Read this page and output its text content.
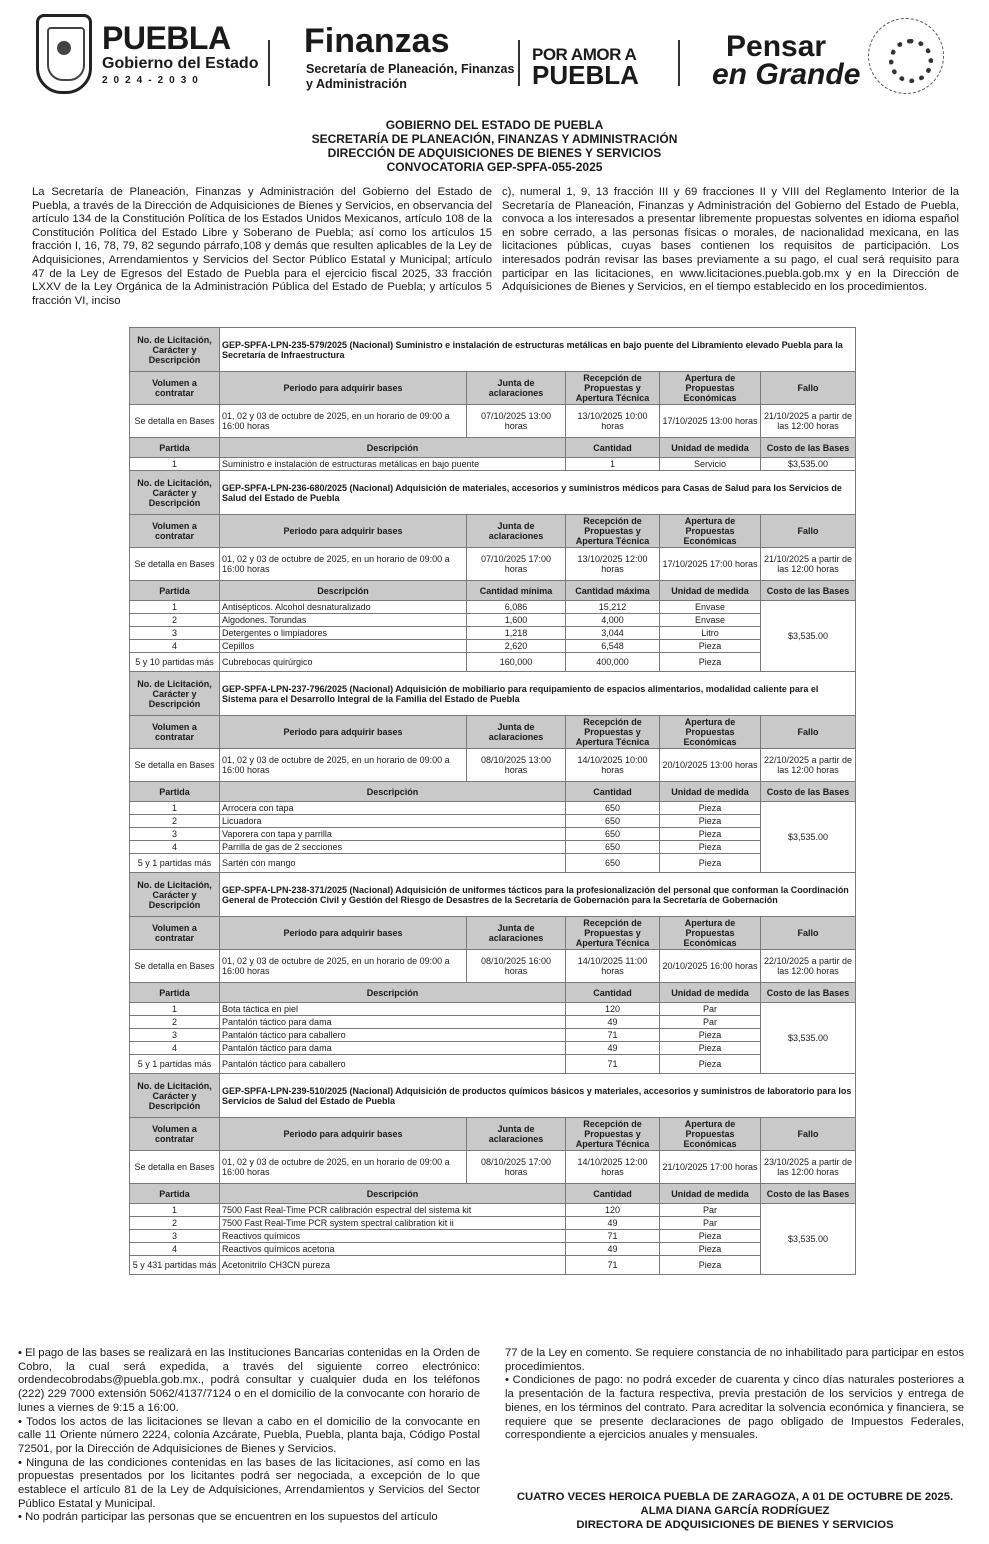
PUEBLA
Gobierno del Estado
2024-2030
Finanzas
Secretaría de Planeación, Finanzas y Administración
POR AMOR A
PUEBLA
Pensar
en Grande
GOBIERNO DEL ESTADO DE PUEBLA
SECRETARÍA DE PLANEACIÓN, FINANZAS Y ADMINISTRACIÓN
DIRECCIÓN DE ADQUISICIONES DE BIENES Y SERVICIOS
CONVOCATORIA GEP-SPFA-055-2025
La Secretaría de Planeación, Finanzas y Administración del Gobierno del Estado de Puebla, a través de la Dirección de Adquisiciones de Bienes y Servicios, en observancia del artículo 134 de la Constitución Política de los Estados Unidos Mexicanos, artículo 108 de la Constitución Política del Estado Libre y Soberano de Puebla; así como los artículos 15 fracción I, 16, 78, 79, 82 segundo párrafo,108 y demás que resulten aplicables de la Ley de Adquisiciones, Arrendamientos y Servicios del Sector Público Estatal y Municipal; artículo 47 de la Ley de Egresos del Estado de Puebla para el ejercicio fiscal 2025, 33 fracción LXXV de la Ley Orgánica de la Administración Pública del Estado de Puebla; y artículos 5 fracción VI, inciso
c), numeral 1, 9, 13 fracción III y 69 fracciones II y VIII del Reglamento Interior de la Secretaría de Planeación, Finanzas y Administración del Gobierno del Estado de Puebla, convoca a los interesados a presentar libremente propuestas solventes en idioma español en sobre cerrado, a las personas físicas o morales, de nacionalidad mexicana, en las licitaciones públicas, cuyas bases contienen los requisitos de participación. Los interesados podrán revisar las bases previamente a su pago, el cual será requisito para participar en las licitaciones, en www.licitaciones.puebla.gob.mx y en la Dirección de Adquisiciones de Bienes y Servicios, en el tiempo establecido en los procedimientos.
No. de Licitación, Carácter y Descripción	GEP-SPFA-LPN-235-579/2025 (Nacional) Suministro e instalación de estructuras metálicas en bajo puente del Libramiento elevado Puebla para la Secretaría de Infraestructura				
Volumen a contratar	Periodo para adquirir bases	Junta de aclaraciones	Recepción de Propuestas y Apertura Técnica	Apertura de Propuestas Económicas	Fallo
Se detalla en Bases	01, 02 y 03 de octubre de 2025, en un horario de 09:00 a 16:00 horas	07/10/2025 13:00 horas	13/10/2025 10:00 horas	17/10/2025 13:00 horas	21/10/2025 a partir de las 12:00 horas
Partida	Descripción		Cantidad	Unidad de medida	Costo de las Bases
1	Suministro e instalación de estructuras metálicas en bajo puente		1	Servicio	$3,535.00
No. de Licitación, Carácter y Descripción	GEP-SPFA-LPN-236-680/2025 (Nacional) Adquisición de materiales, accesorios y suministros médicos para Casas de Salud para los Servicios de Salud del Estado de Puebla				
Volumen a contratar	Periodo para adquirir bases	Junta de aclaraciones	Recepción de Propuestas y Apertura Técnica	Apertura de Propuestas Económicas	Fallo
Se detalla en Bases	01, 02 y 03 de octubre de 2025, en un horario de 09:00 a 16:00 horas	07/10/2025 17:00 horas	13/10/2025 12:00 horas	17/10/2025 17:00 horas	21/10/2025 a partir de las 12:00 horas
Partida	Descripción	Cantidad mínima	Cantidad máxima	Unidad de medida	Costo de las Bases
1	Antisépticos. Alcohol desnaturalizado	6,086	15,212	Envase	$3,535.00
2	Algodones. Torundas	1,600	4,000	Envase	
3	Detergentes o limpiadores	1,218	3,044	Litro	
4	Cepillos	2,620	6,548	Pieza	
5 y 10 partidas más	Cubrebocas quirúrgico	160,000	400,000	Pieza	
No. de Licitación, Carácter y Descripción	GEP-SPFA-LPN-237-796/2025 (Nacional) Adquisición de mobiliario para requipamiento de espacios alimentarios, modalidad caliente para el Sistema para el Desarrollo Integral de la Familia del Estado de Puebla				
Volumen a contratar	Periodo para adquirir bases	Junta de aclaraciones	Recepción de Propuestas y Apertura Técnica	Apertura de Propuestas Económicas	Fallo
Se detalla en Bases	01, 02 y 03 de octubre de 2025, en un horario de 09:00 a 16:00 horas	08/10/2025 13:00 horas	14/10/2025 10:00 horas	20/10/2025 13:00 horas	22/10/2025 a partir de las 12:00 horas
Partida	Descripción		Cantidad	Unidad de medida	Costo de las Bases
1	Arrocera con tapa		650	Pieza	$3,535.00
2	Licuadora		650	Pieza	
3	Vaporera con tapa y parrilla		650	Pieza	
4	Parrilla de gas de 2 secciones		650	Pieza	
5 y 1 partidas más	Sartén con mango		650	Pieza	
No. de Licitación, Carácter y Descripción	GEP-SPFA-LPN-238-371/2025 (Nacional) Adquisición de uniformes tácticos para la profesionalización del personal que conforman la Coordinación General de Protección Civil y Gestión del Riesgo de Desastres de la Secretaría de Gobernación para la Secretaría de Gobernación				
Volumen a contratar	Periodo para adquirir bases	Junta de aclaraciones	Recepción de Propuestas y Apertura Técnica	Apertura de Propuestas Económicas	Fallo
Se detalla en Bases	01, 02 y 03 de octubre de 2025, en un horario de 09:00 a 16:00 horas	08/10/2025 16:00 horas	14/10/2025 11:00 horas	20/10/2025 16:00 horas	22/10/2025 a partir de las 12:00 horas
Partida	Descripción		Cantidad	Unidad de medida	Costo de las Bases
1	Bota táctica en piel		120	Par	$3,535.00
2	Pantalón táctico para dama		49	Par	
3	Pantalón táctico para caballero		71	Pieza	
4	Pantalón táctico para dama		49	Pieza	
5 y 1 partidas más	Pantalón táctico para caballero		71	Pieza	
No. de Licitación, Carácter y Descripción	GEP-SPFA-LPN-239-510/2025 (Nacional) Adquisición de productos químicos básicos y materiales, accesorios y suministros de laboratorio para los Servicios de Salud del Estado de Puebla				
Volumen a contratar	Periodo para adquirir bases	Junta de aclaraciones	Recepción de Propuestas y Apertura Técnica	Apertura de Propuestas Económicas	Fallo
Se detalla en Bases	01, 02 y 03 de octubre de 2025, en un horario de 09:00 a 16:00 horas	08/10/2025 17:00 horas	14/10/2025 12:00 horas	21/10/2025 17:00 horas	23/10/2025 a partir de las 12:00 horas
Partida	Descripción		Cantidad	Unidad de medida	Costo de las Bases
1	7500 Fast Real-Time PCR calibración espectral del sistema kit		120	Par	$3,535.00
2	7500 Fast Real-Time PCR system spectral calibration kit ii		49	Par	
3	Reactivos químicos		71	Pieza	
4	Reactivos químicos acetona		49	Pieza	
5 y 431 partidas más	Acetonitrilo CH3CN pureza		71	Pieza	

• El pago de las bases se realizará en las Instituciones Bancarias contenidas en la Orden de Cobro, la cual será expedida, a través del siguiente correo electrónico: ordendecobrodabs@puebla.gob.mx., podrá consultar y cualquier duda en los teléfonos (222) 229 7000 extensión 5062/4137/7124 o en el domicilio de la convocante con horario de lunes a viernes de 9:15 a 16:00.

• Todos los actos de las licitaciones se llevan a cabo en el domicilio de la convocante en calle 11 Oriente número 2224, colonia Azcárate, Puebla, Puebla, planta baja, Código Postal 72501, por la Dirección de Adquisiciones de Bienes y Servicios.

• Ninguna de las condiciones contenidas en las bases de las licitaciones, así como en las propuestas presentados por los licitantes podrá ser negociada, a excepción de lo que establece el artículo 81 de la Ley de Adquisiciones, Arrendamientos y Servicios del Sector Público Estatal y Municipal.

• No podrán participar las personas que se encuentren en los supuestos del artículo

77 de la Ley en comento. Se requiere constancia de no inhabilitado para participar en estos procedimientos.

• Condiciones de pago: no podrá exceder de cuarenta y cinco días naturales posteriores a la presentación de la factura respectiva, previa prestación de los servicios y entrega de bienes, en los términos del contrato. Para acreditar la solvencia económica y financiera, se requiere que se presente declaraciones de pago obligado de Impuestos Federales, correspondiente a ejercicios anuales y mensuales.

CUATRO VECES HEROICA PUEBLA DE ZARAGOZA, A 01 DE OCTUBRE DE 2025.
ALMA DIANA GARCÍA RODRÍGUEZ
DIRECTORA DE ADQUISICIONES DE BIENES Y SERVICIOS
